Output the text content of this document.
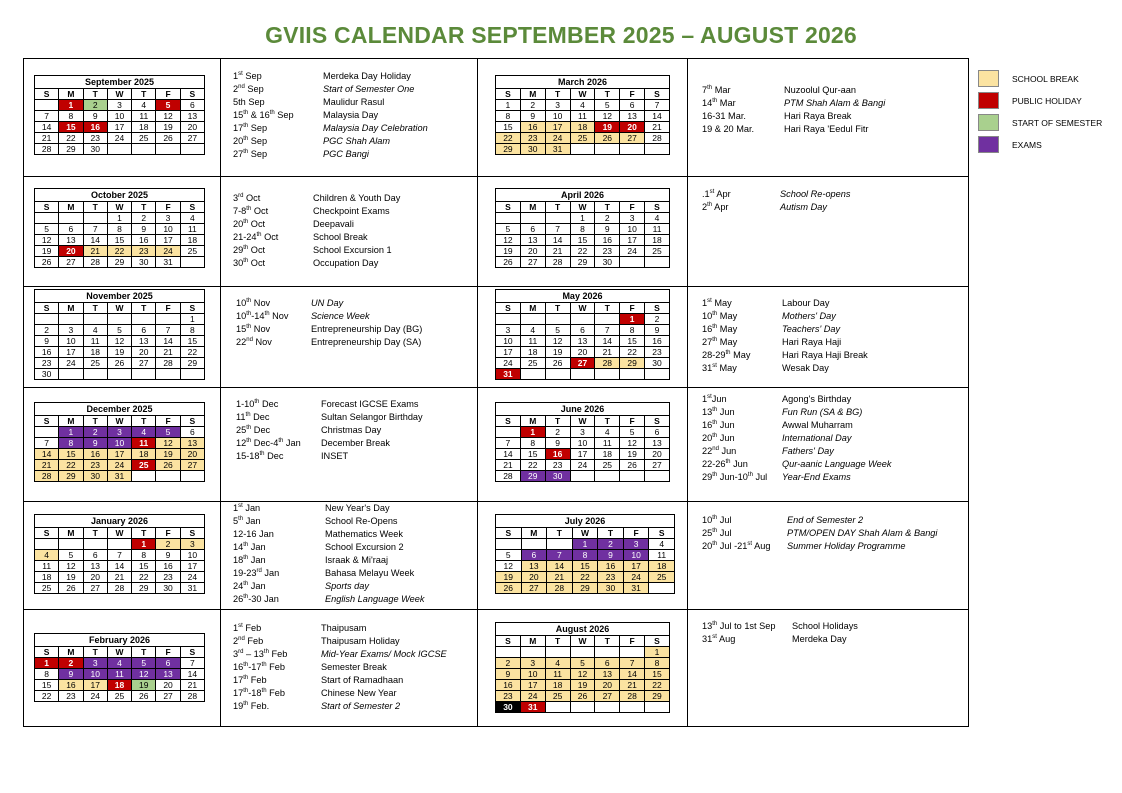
GVIIS CALENDAR SEPTEMBER 2025 – AUGUST 2026
SCHOOL BREAK
PUBLIC HOLIDAY
START OF SEMESTER
EXAMS
September 2025						
S	M	T	W	T	F	S
	1	2	3	4	5	6
7	8	9	10	11	12	13
14	15	16	17	18	19	20
21	22	23	24	25	26	27
28	29	30				
October 2025						
S	M	T	W	T	F	S
			1	2	3	4
5	6	7	8	9	10	11
12	13	14	15	16	17	18
19	20	21	22	23	24	25
26	27	28	29	30	31	
November 2025						
S	M	T	W	T	F	S
						1
2	3	4	5	6	7	8
9	10	11	12	13	14	15
16	17	18	19	20	21	22
23	24	25	26	27	28	29
30						
December 2025						
S	M	T	W	T	F	S
	1	2	3	4	5	6
7	8	9	10	11	12	13
14	15	16	17	18	19	20
21	22	23	24	25	26	27
28	29	30	31			
January 2026						
S	M	T	W	T	F	S
				1	2	3
4	5	6	7	8	9	10
11	12	13	14	15	16	17
18	19	20	21	22	23	24
25	26	27	28	29	30	31
February 2026						
S	M	T	W	T	F	S
1	2	3	4	5	6	7
8	9	10	11	12	13	14
15	16	17	18	19	20	21
22	23	24	25	26	27	28
March 2026						
S	M	T	W	T	F	S
1	2	3	4	5	6	7
8	9	10	11	12	13	14
15	16	17	18	19	20	21
22	23	24	25	26	27	28
29	30	31				
April 2026						
S	M	T	W	T	F	S
			1	2	3	4
5	6	7	8	9	10	11
12	13	14	15	16	17	18
19	20	21	22	23	24	25
26	27	28	29	30		
May 2026						
S	M	T	W	T	F	S
					1	2
3	4	5	6	7	8	9
10	11	12	13	14	15	16
17	18	19	20	21	22	23
24	25	26	27	28	29	30
31						
June 2026						
S	M	T	W	T	F	S
	1	2	3	4	5	6
7	8	9	10	11	12	13
14	15	16	17	18	19	20
21	22	23	24	25	26	27
28	29	30				
July 2026						
S	M	T	W	T	F	S
			1	2	3	4
5	6	7	8	9	10	11
12	13	14	15	16	17	18
19	20	21	22	23	24	25
26	27	28	29	30	31	
August 2026						
S	M	T	W	T	F	S
						1
2	3	4	5	6	7	8
9	10	11	12	13	14	15
16	17	18	19	20	21	22
23	24	25	26	27	28	29
30	31					
1st Sep	Merdeka Day Holiday
2nd Sep	Start of Semester One
5th Sep	Maulidur Rasul
15th & 16th Sep	Malaysia Day
17th Sep	Malaysia Day Celebration
20th Sep	PGC Shah Alam
27th Sep	PGC Bangi
3rd Oct	Children & Youth Day
7-8th Oct	Checkpoint Exams
20th Oct	Deepavali
21-24th Oct	School Break
29th Oct	School Excursion 1
30th Oct	Occupation Day
10th Nov	UN Day
10th-14th Nov Science Week
15th Nov	Entrepreneurship Day (BG)
22nd Nov	Entrepreneurship Day (SA)
1-10th Dec	Forecast IGCSE Exams
11th Dec	Sultan Selangor Birthday
25th Dec	Christmas Day
12th Dec-4th Jan December Break
15-18th Dec	INSET
1st Jan	New Year's Day
5th Jan	School Re-Opens
12-16 Jan	Mathematics Week
14th Jan	School Excursion 2
18th Jan	Israak & Mi'raaj
19-23rd Jan	Bahasa Melayu Week
24th Jan	Sports day
26th-30 Jan	English Language Week
1st Feb	Thaipusam
2nd Feb	Thaipusam Holiday
3rd – 13th Feb	Mid-Year Exams/ Mock IGCSE
16th-17th Feb	Semester Break
17th Feb	Start of Ramadhaan
17th-18th Feb	Chinese New Year
19th Feb.	Start of Semester 2
7th Mar	Nuzoolul Qur-aan
14th Mar	PTM Shah Alam & Bangi
16-31 Mar.	Hari Raya Break
19 & 20 Mar.	Hari Raya 'Eedul Fitr
.1st Apr	School Re-opens
2th Apr	Autism Day
1st May	Labour Day
10th May	Mothers' Day
16th May	Teachers' Day
27th May	Hari Raya Haji
28-29th May	Hari Raya Haji Break
31st May	Wesak Day
1stJun	Agong's Birthday
13th Jun	Fun Run (SA & BG)
16th Jun	Awwal Muharram
20th Jun	International Day
22nd Jun	Fathers' Day
22-26th Jun	Qur-aanic Language Week
29th Jun-10th Jul Year-End Exams
10th Jul	End of Semester 2
25th Jul	PTM/OPEN DAY Shah Alam & Bangi
20th Jul -21st Aug Summer Holiday Programme
13th Jul to 1st Sep School Holidays
31st Aug	Merdeka Day
